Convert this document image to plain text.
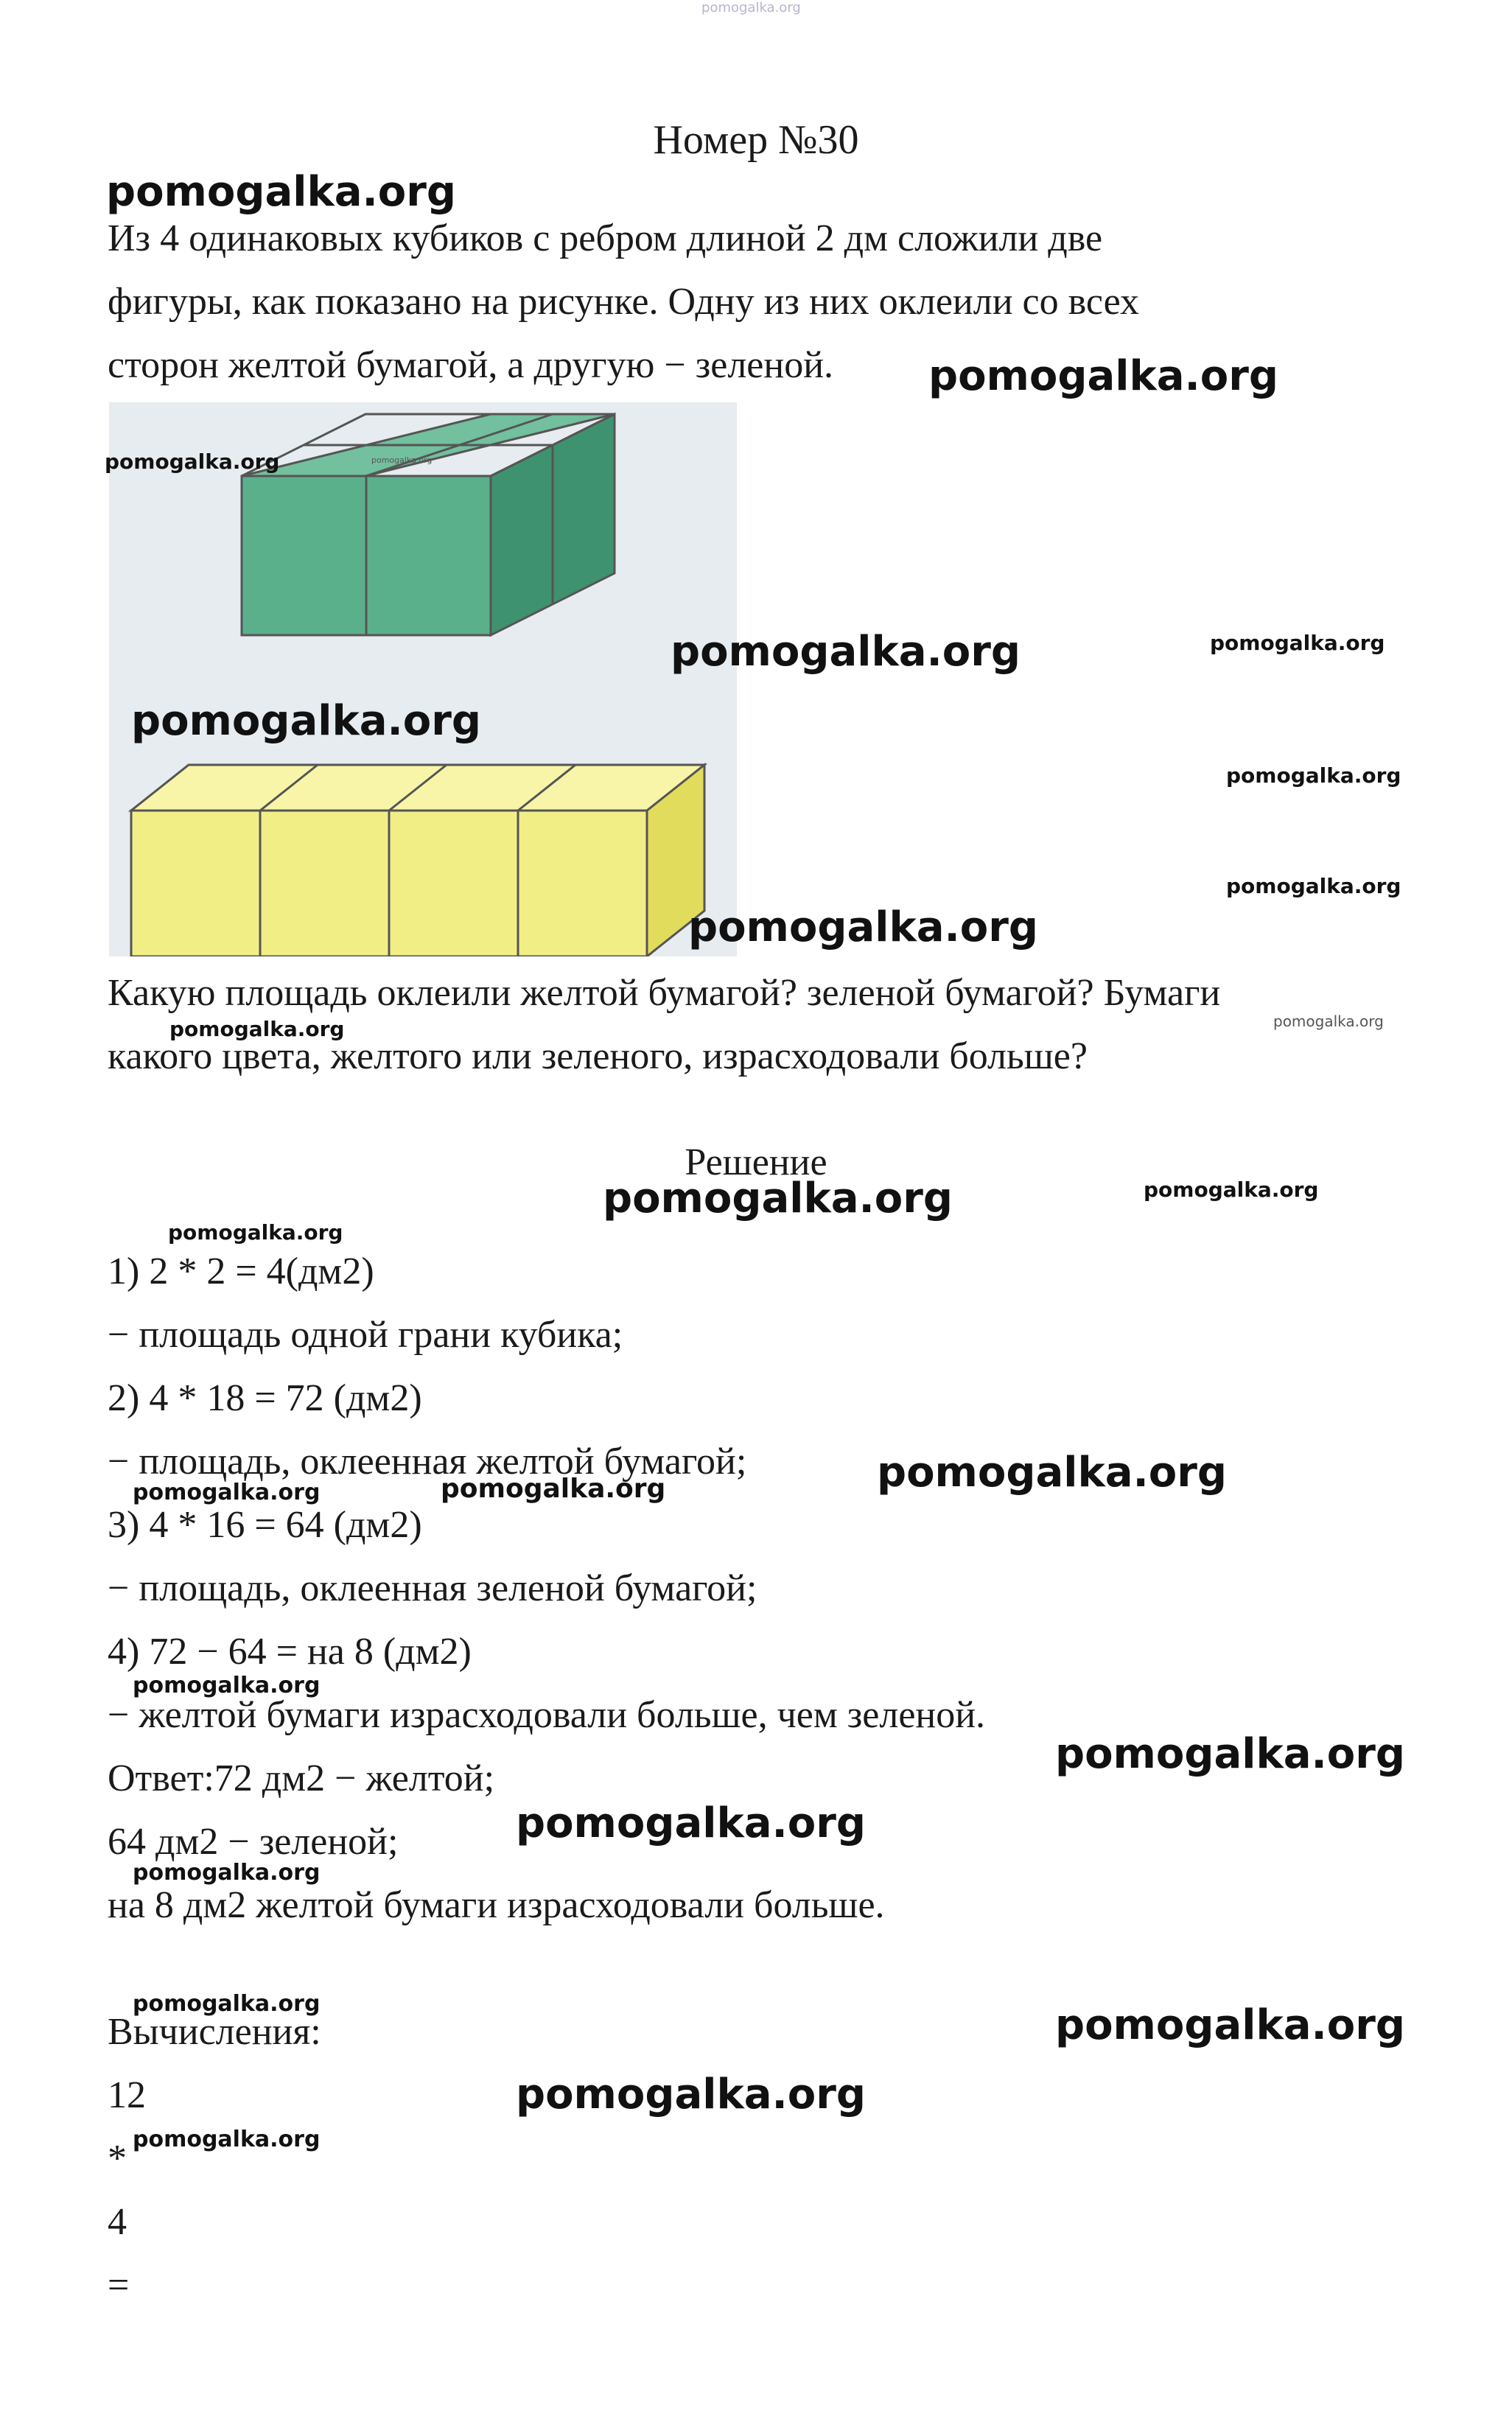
pomogalka.org
Номер №30
Из 4 одинаковых кубиков с ребром длиной 2 дм сложили две
фигуры, как показано на рисунке. Одну из них оклеили со всех
сторон желтой бумагой, а другую − зеленой.
Какую площадь оклеили желтой бумагой? зеленой бумагой? Бумаги
какого цвета, желтого или зеленого, израсходовали больше?
Решение
1) 2 * 2 = 4(дм2)
− площадь одной грани кубика;
2) 4 * 18 = 72 (дм2)
− площадь, оклеенная желтой бумагой;
3) 4 * 16 = 64 (дм2)
− площадь, оклеенная зеленой бумагой;
4) 72 − 64 = на 8 (дм2)
− желтой бумаги израсходовали больше, чем зеленой.
Ответ:72 дм2 − желтой;
64 дм2 − зеленой;
на 8 дм2 желтой бумаги израсходовали больше.
Вычисления:
12
*
4
=
pomogalka.org
pomogalka.org
pomogalka.org	pomogalka.org
pomogalka.org	pomogalka.org
pomogalka.org
pomogalka.org
pomogalka.org
pomogalka.org
pomogalka.org	pomogalka.org
pomogalka.org	pomogalka.org
pomogalka.org
pomogalka.org
pomogalka.org	pomogalka.org
pomogalka.org
pomogalka.org
pomogalka.org
pomogalka.org
pomogalka.org	pomogalka.org
pomogalka.org
pomogalka.org
